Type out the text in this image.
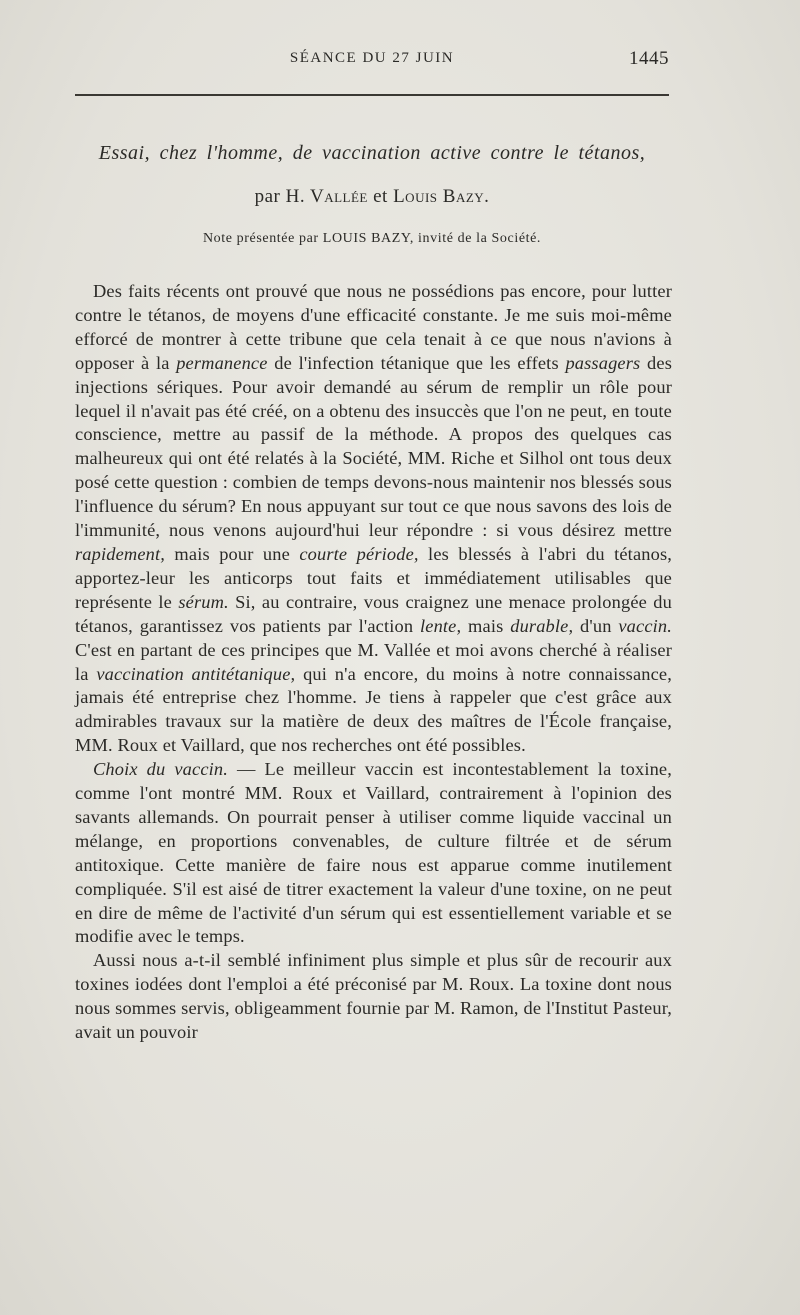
SÉANCE DU 27 JUIN	1445
Essai, chez l'homme, de vaccination active contre le tétanos,
par H. Vallée et Louis Bazy.
Note présentée par LOUIS BAZY, invité de la Société.

Des faits récents ont prouvé que nous ne possédions pas encore, pour lutter contre le tétanos, de moyens d'une efficacité constante. Je me suis moi-même efforcé de montrer à cette tribune que cela tenait à ce que nous n'avions à opposer à la permanence de l'infection tétanique que les effets passagers des injections sériques. Pour avoir demandé au sérum de remplir un rôle pour lequel il n'avait pas été créé, on a obtenu des insuccès que l'on ne peut, en toute conscience, mettre au passif de la méthode. A propos des quelques cas malheureux qui ont été relatés à la Société, MM. Riche et Silhol ont tous deux posé cette question : combien de temps devons-nous maintenir nos blessés sous l'influence du sérum? En nous appuyant sur tout ce que nous savons des lois de l'immunité, nous venons aujourd'hui leur répondre : si vous désirez mettre rapidement, mais pour une courte période, les blessés à l'abri du tétanos, apportez-leur les anticorps tout faits et immédiatement utilisables que représente le sérum. Si, au contraire, vous craignez une menace prolongée du tétanos, garantissez vos patients par l'action lente, mais durable, d'un vaccin. C'est en partant de ces principes que M. Vallée et moi avons cherché à réaliser la vaccination antitétanique, qui n'a encore, du moins à notre connaissance, jamais été entreprise chez l'homme. Je tiens à rappeler que c'est grâce aux admirables travaux sur la matière de deux des maîtres de l'École française, MM. Roux et Vaillard, que nos recherches ont été possibles.

Choix du vaccin. — Le meilleur vaccin est incontestablement la toxine, comme l'ont montré MM. Roux et Vaillard, contrairement à l'opinion des savants allemands. On pourrait penser à utiliser comme liquide vaccinal un mélange, en proportions convenables, de culture filtrée et de sérum antitoxique. Cette manière de faire nous est apparue comme inutilement compliquée. S'il est aisé de titrer exactement la valeur d'une toxine, on ne peut en dire de même de l'activité d'un sérum qui est essentiellement variable et se modifie avec le temps.

Aussi nous a-t-il semblé infiniment plus simple et plus sûr de recourir aux toxines iodées dont l'emploi a été préconisé par M. Roux. La toxine dont nous nous sommes servis, obligeamment fournie par M. Ramon, de l'Institut Pasteur, avait un pouvoir
